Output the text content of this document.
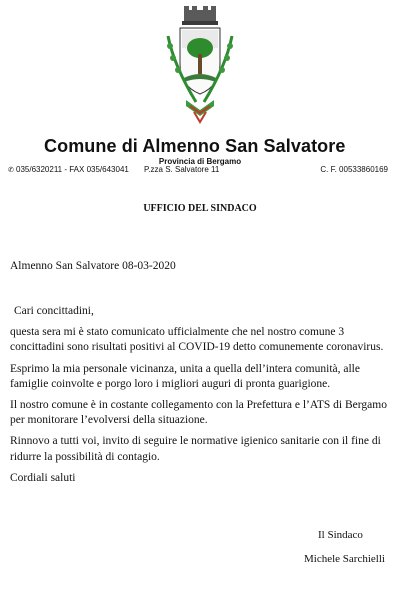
Comune di Almenno San Salvatore
Provincia di Bergamo
✆ 035/6320211 - FAX 035/643041	P.zza S. Salvatore 11	C. F. 00533860169
UFFICIO DEL SINDACO
Almenno San Salvatore 08-03-2020

Cari concittadini,

questa sera mi è stato comunicato ufficialmente che nel nostro comune 3 concittadini sono risultati positivi al COVID-19 detto comunemente coronavirus.

Esprimo la mia personale vicinanza, unita a quella dell’intera comunità, alle famiglie coinvolte e porgo loro i migliori auguri di pronta guarigione.

Il nostro comune è in costante collegamento con la Prefettura e l’ATS di Bergamo per monitorare l’evolversi della situazione.

Rinnovo a tutti voi, invito di seguire le normative igienico sanitarie con il fine di ridurre la possibilità di contagio.

Cordiali saluti

Il Sindaco
Michele Sarchielli
